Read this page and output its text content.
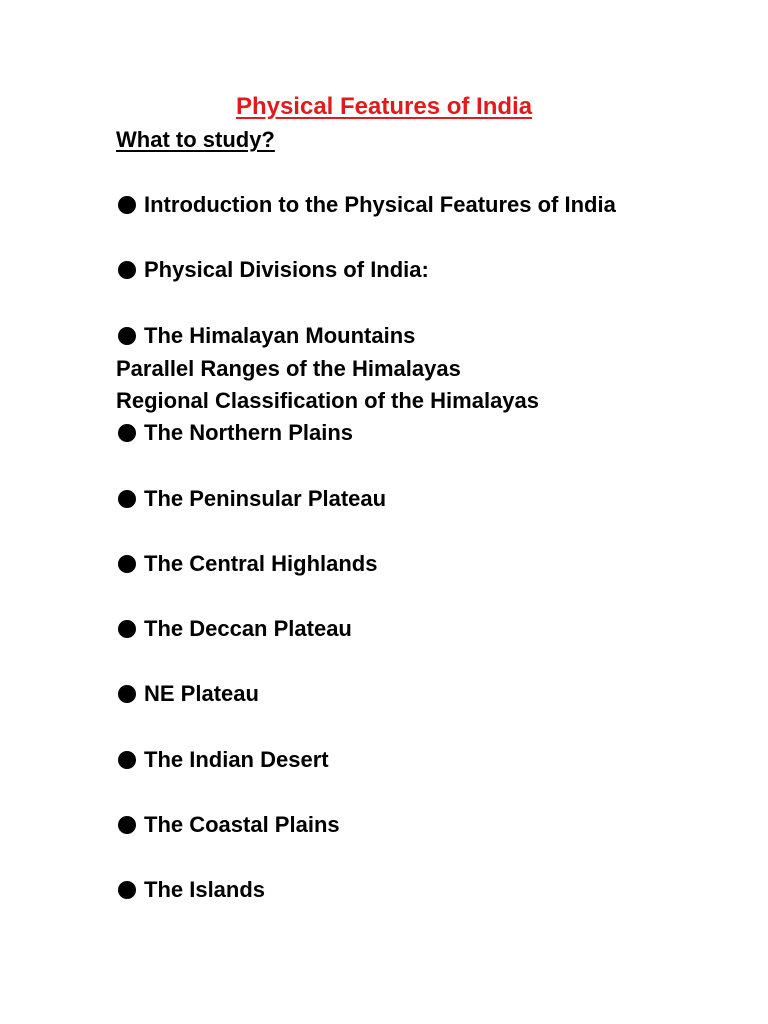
Physical Features of India
What to study?
Introduction to the Physical Features of India
Physical Divisions of India:
The Himalayan Mountains
Parallel Ranges of the Himalayas
Regional Classification of the Himalayas
The Northern Plains
The Peninsular Plateau
The Central Highlands
The Deccan Plateau
NE Plateau
The Indian Desert
The Coastal Plains
The Islands
